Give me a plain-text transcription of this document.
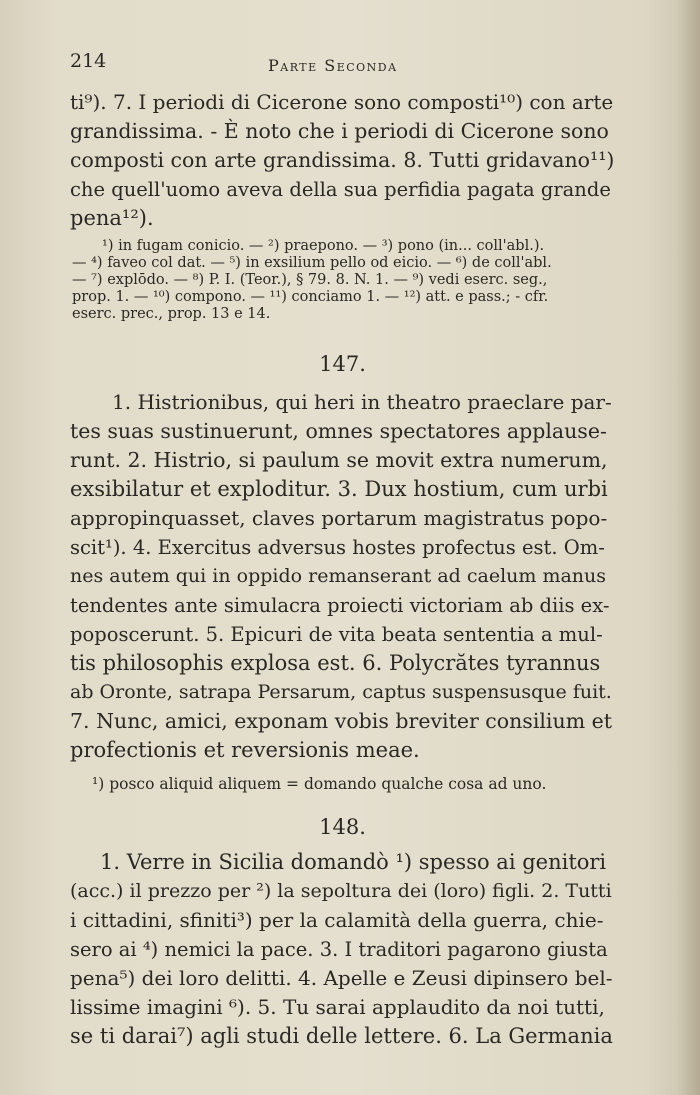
214	Parte Seconda
ti⁹). 7. I periodi di Cicerone sono composti¹⁰) con arte
grandissima. - È noto che i periodi di Cicerone sono
composti con arte grandissima. 8. Tutti gridavano¹¹)
che quell'uomo aveva della sua perfidia pagata grande
pena¹²).
¹) in fugam conicio. — ²) praepono. — ³) pono (in... coll'abl.).
— ⁴) faveo col dat. — ⁵) in exsilium pello od eicio. — ⁶) de coll'abl.
— ⁷) explōdo. — ⁸) P. I. (Teor.), § 79. 8. N. 1. — ⁹) vedi eserc. seg.,
prop. 1. — ¹⁰) compono. — ¹¹) conciamo 1. — ¹²) att. e pass.; - cfr.
eserc. prec., prop. 13 e 14.
147.
1. Histrionibus, qui heri in theatro praeclare par-
tes suas sustinuerunt, omnes spectatores applause-
runt. 2. Histrio, si paulum se movit extra numerum,
exsibilatur et exploditur. 3. Dux hostium, cum urbi
appropinquasset, claves portarum magistratus popo-
scit¹). 4. Exercitus adversus hostes profectus est. Om-
nes autem qui in oppido remanserant ad caelum manus
tendentes ante simulacra proiecti victoriam ab diis ex-
poposcerunt. 5. Epicuri de vita beata sententia a mul-
tis philosophis explosa est. 6. Polycrătes tyrannus
ab Oronte, satrapa Persarum, captus suspensusque fuit.
7. Nunc, amici, exponam vobis breviter consilium et
profectionis et reversionis meae.
¹) posco aliquid aliquem = domando qualche cosa ad uno.
148.
1. Verre in Sicilia domandò ¹) spesso ai genitori
(acc.) il prezzo per ²) la sepoltura dei (loro) figli. 2. Tutti
i cittadini, sfiniti³) per la calamità della guerra, chie-
sero ai ⁴) nemici la pace. 3. I traditori pagarono giusta
pena⁵) dei loro delitti. 4. Apelle e Zeusi dipinsero bel-
lissime imagini ⁶). 5. Tu sarai applaudito da noi tutti,
se ti darai⁷) agli studi delle lettere. 6. La Germania
